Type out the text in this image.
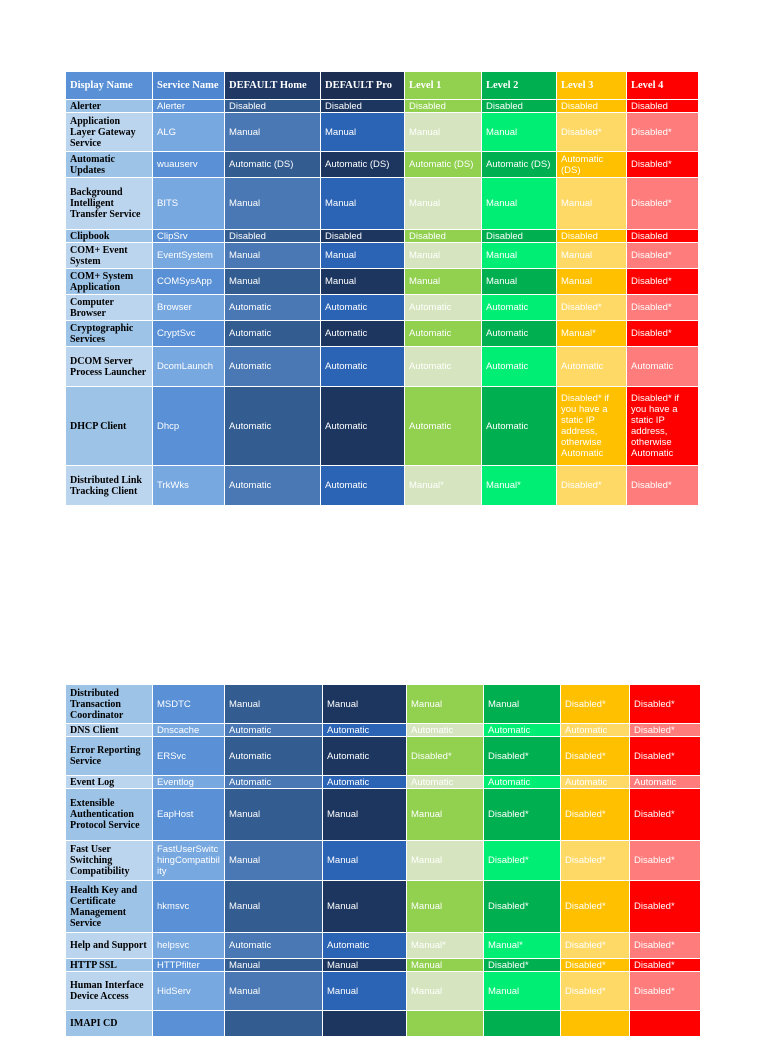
Display Name	Service Name	DEFAULT Home	DEFAULT Pro	Level 1	Level 2	Level 3	Level 4
Alerter	Alerter	Disabled	Disabled	Disabled	Disabled	Disabled	Disabled
Application Layer Gateway Service	ALG	Manual	Manual	Manual	Manual	Disabled*	Disabled*
Automatic Updates	wuauserv	Automatic (DS)	Automatic (DS)	Automatic (DS)	Automatic (DS)	Automatic (DS)	Disabled*
Background Intelligent Transfer Service	BITS	Manual	Manual	Manual	Manual	Manual	Disabled*
Clipbook	ClipSrv	Disabled	Disabled	Disabled	Disabled	Disabled	Disabled
COM+ Event System	EventSystem	Manual	Manual	Manual	Manual	Manual	Disabled*
COM+ System Application	COMSysApp	Manual	Manual	Manual	Manual	Manual	Disabled*
Computer Browser	Browser	Automatic	Automatic	Automatic	Automatic	Disabled*	Disabled*
Cryptographic Services	CryptSvc	Automatic	Automatic	Automatic	Automatic	Manual*	Disabled*
DCOM Server Process Launcher	DcomLaunch	Automatic	Automatic	Automatic	Automatic	Automatic	Automatic
DHCP Client	Dhcp	Automatic	Automatic	Automatic	Automatic	Disabled* if you have a static IP address, otherwise Automatic	Disabled* if you have a static IP address, otherwise Automatic
Distributed Link Tracking Client	TrkWks	Automatic	Automatic	Manual*	Manual*	Disabled*	Disabled*
Distributed Transaction Coordinator	MSDTC	Manual	Manual	Manual	Manual	Disabled*	Disabled*
DNS Client	Dnscache	Automatic	Automatic	Automatic	Automatic	Automatic	Disabled*
Error Reporting Service	ERSvc	Automatic	Automatic	Disabled*	Disabled*	Disabled*	Disabled*
Event Log	Eventlog	Automatic	Automatic	Automatic	Automatic	Automatic	Automatic
Extensible Authentication Protocol Service	EapHost	Manual	Manual	Manual	Disabled*	Disabled*	Disabled*
Fast User Switching Compatibility	FastUserSwitchingCompatibility	Manual	Manual	Manual	Disabled*	Disabled*	Disabled*
Health Key and Certificate Management Service	hkmsvc	Manual	Manual	Manual	Disabled*	Disabled*	Disabled*
Help and Support	helpsvc	Automatic	Automatic	Manual*	Manual*	Disabled*	Disabled*
HTTP SSL	HTTPfilter	Manual	Manual	Manual	Disabled*	Disabled*	Disabled*
Human Interface Device Access	HidServ	Manual	Manual	Manual	Manual	Disabled*	Disabled*
IMAPI CD							
